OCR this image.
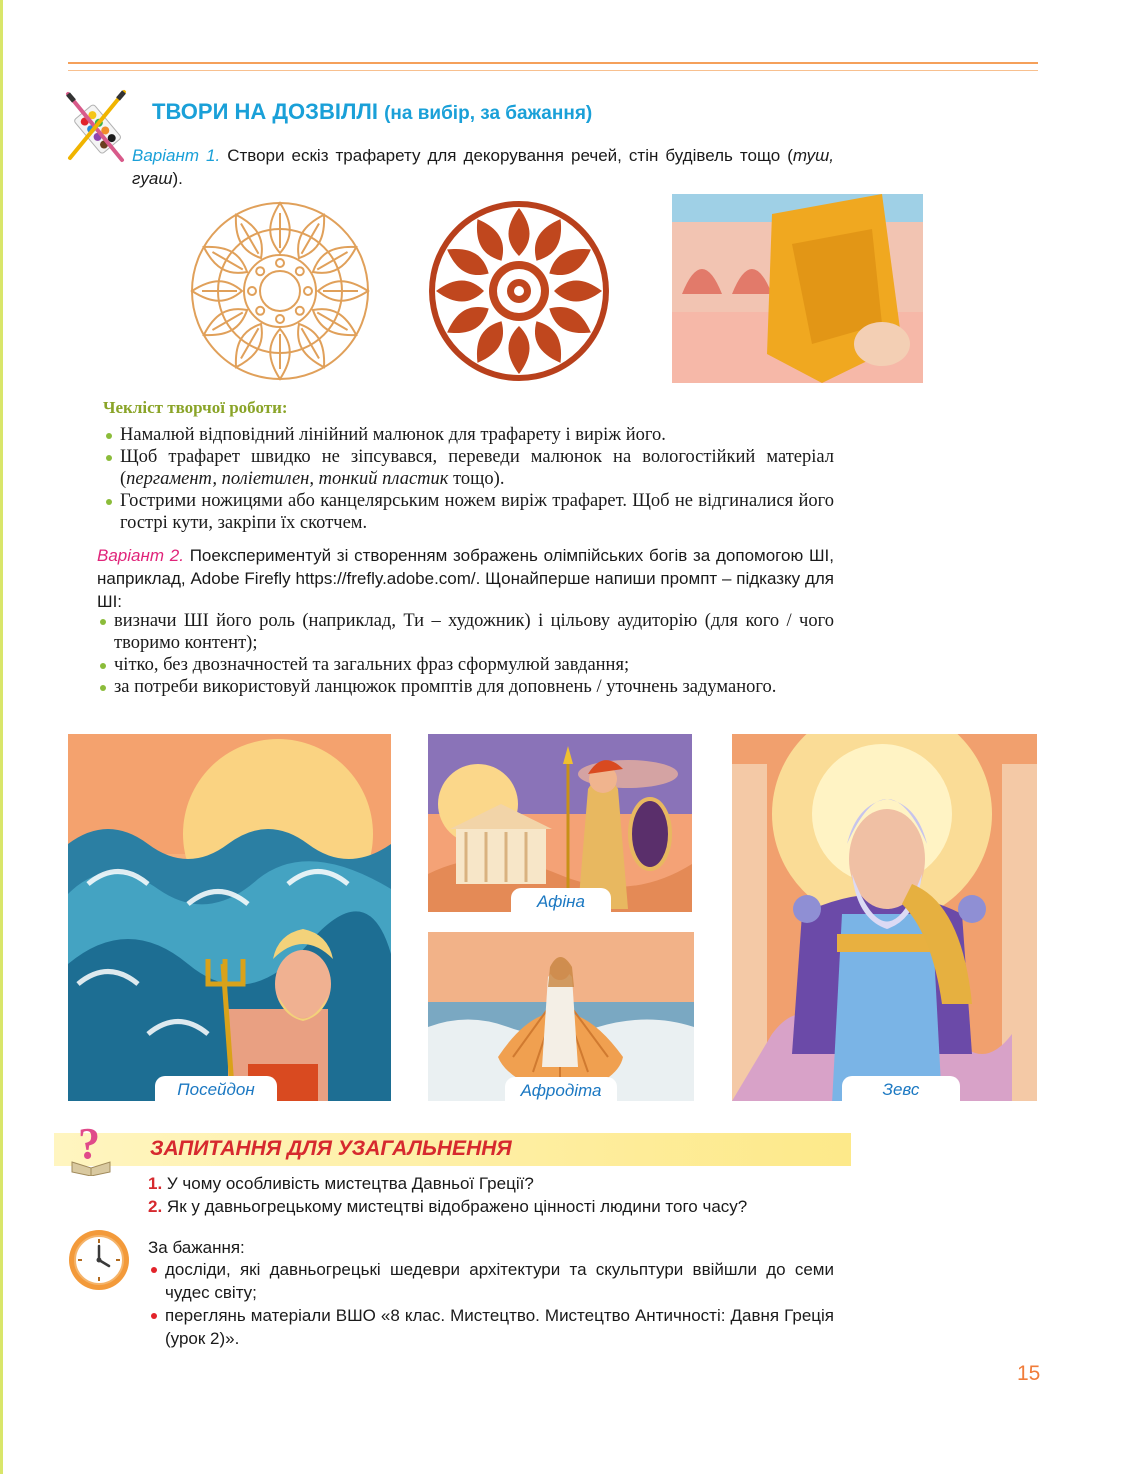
ТВОРИ НА ДОЗВІЛЛІ (на вибір, за бажання)
Варіант 1. Створи ескіз трафарету для декорування речей, стін будівель тощо (туш, гуаш).
Чекліст творчої роботи:
Намалюй відповідний лінійний малюнок для трафарету і виріж його.
Щоб трафарет швидко не зіпсувався, переведи малюнок на вологостійкий матеріал (пергамент, поліетилен, тонкий пластик тощо).
Гострими ножицями або канцелярським ножем виріж трафарет. Щоб не відгиналися його гострі кути, закріпи їх скотчем.
Варіант 2. Поекспериментуй зі створенням зображень олімпійських богів за допомогою ШІ, наприклад, Adobe Firefly https://frefly.adobe.com/. Щонайперше напиши промпт – підказку для ШІ:
визначи ШІ його роль (наприклад, Ти – художник) і цільову аудиторію (для кого / чого творимо контент);
чітко, без двозначностей та загальних фраз сформулюй завдання;
за потреби використовуй ланцюжок промптів для доповнень / уточнень задуманого.
Посейдон
Афіна
Афродіта	Зевс
? ЗАПИТАННЯ ДЛЯ УЗАГАЛЬНЕННЯ
1. У чому особливість мистецтва Давньої Греції?
2. Як у давньогрецькому мистецтві відображено цінності людини того часу?
За бажання:
досліди, які давньогрецькі шедеври архітектури та скульптури ввійшли до семи чудес світу;
переглянь матеріали ВШО «8 клас. Мистецтво. Мистецтво Античності: Давня Греція (урок 2)».
15
